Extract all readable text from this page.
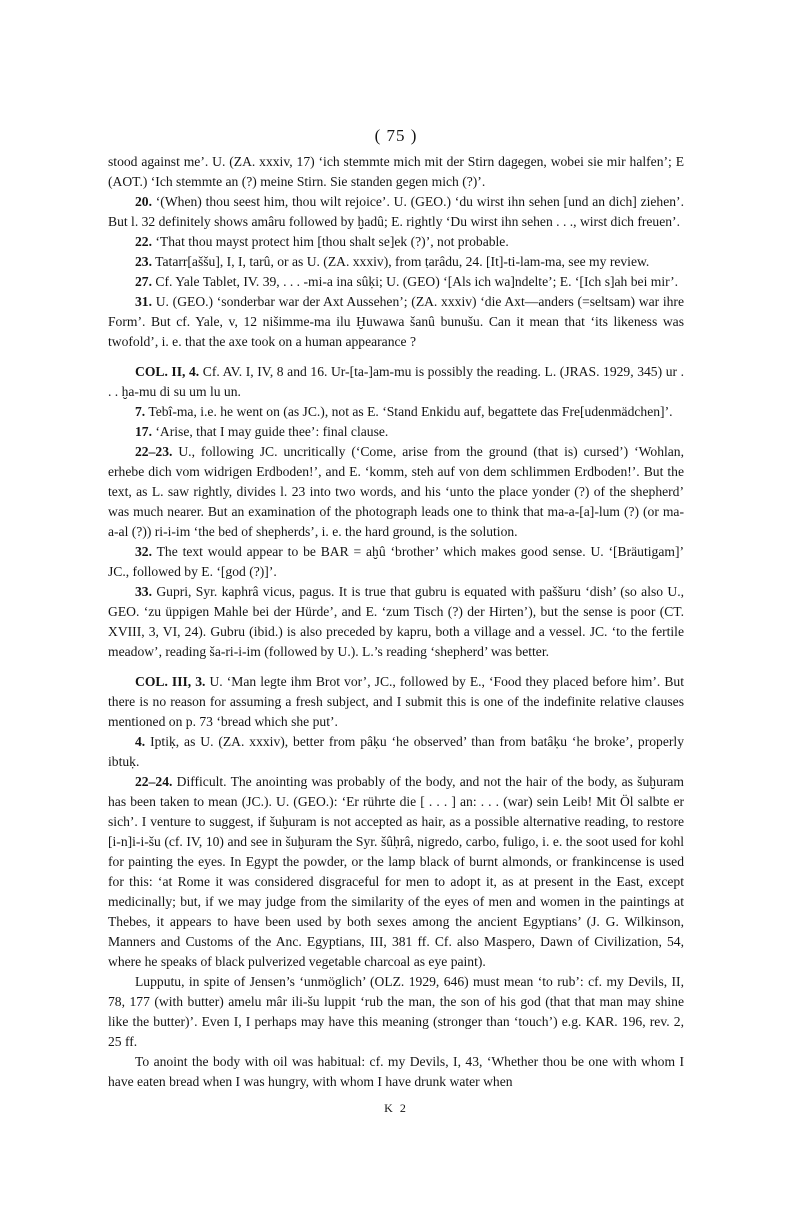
( 75 )

stood against me’. U. (ZA. xxxiv, 17) ‘ich stemmte mich mit der Stirn dagegen, wobei sie mir halfen’; E (AOT.) ‘Ich stemmte an (?) meine Stirn. Sie standen gegen mich (?)’.

20. ‘(When) thou seest him, thou wilt rejoice’. U. (GEO.) ‘du wirst ihn sehen [und an dich] ziehen’. But l. 32 definitely shows amâru followed by ḫadû; E. rightly ‘Du wirst ihn sehen . . ., wirst dich freuen’.

22. ‘That thou mayst protect him [thou shalt se]ek (?)’, not probable.

23. Tatarr[aššu], I, I, tarû, or as U. (ZA. xxxiv), from ṭarâdu, 24. [It]-ti-lam-ma, see my review.

27. Cf. Yale Tablet, IV. 39, . . . -mi-a ina sûḳi; U. (GEO) ‘[Als ich wa]ndelte’; E. ‘[Ich s]ah bei mir’.

31. U. (GEO.) ‘sonderbar war der Axt Aussehen’; (ZA. xxxiv) ‘die Axt—anders (=seltsam) war ihre Form’. But cf. Yale, v, 12 nišimme-ma ilu Ḫuwawa šanû bunušu. Can it mean that ‘its likeness was twofold’, i. e. that the axe took on a human appearance ?

COL. II, 4. Cf. AV. I, IV, 8 and 16. Ur-[ta-]am-mu is possibly the reading. L. (JRAS. 1929, 345) ur . . . ḫa-mu di su um lu un.

7. Tebî-ma, i.e. he went on (as JC.), not as E. ‘Stand Enkidu auf, begattete das Fre[udenmädchen]’.

17. ‘Arise, that I may guide thee’: final clause.

22–23. U., following JC. uncritically (‘Come, arise from the ground (that is) cursed’) ‘Wohlan, erhebe dich vom widrigen Erdboden!’, and E. ‘komm, steh auf von dem schlimmen Erdboden!’. But the text, as L. saw rightly, divides l. 23 into two words, and his ‘unto the place yonder (?) of the shepherd’ was much nearer. But an examination of the photograph leads one to think that ma-a-[a]-lum (?) (or ma-a-al (?)) ri-i-im ‘the bed of shepherds’, i. e. the hard ground, is the solution.

32. The text would appear to be BAR = aḫû ‘brother’ which makes good sense. U. ‘[Bräutigam]’ JC., followed by E. ‘[god (?)]’.

33. Gupri, Syr. kaphrâ vicus, pagus. It is true that gubru is equated with paššuru ‘dish’ (so also U., GEO. ‘zu üppigen Mahle bei der Hürde’, and E. ‘zum Tisch (?) der Hirten’), but the sense is poor (CT. XVIII, 3, VI, 24). Gubru (ibid.) is also preceded by kapru, both a village and a vessel. JC. ‘to the fertile meadow’, reading ša-ri-i-im (followed by U.). L.’s reading ‘shepherd’ was better.

COL. III, 3. U. ‘Man legte ihm Brot vor’, JC., followed by E., ‘Food they placed before him’. But there is no reason for assuming a fresh subject, and I submit this is one of the indefinite relative clauses mentioned on p. 73 ‘bread which she put’.

4. Iptiḳ, as U. (ZA. xxxiv), better from pâḳu ‘he observed’ than from batâḳu ‘he broke’, properly ibtuḳ.

22–24. Difficult. The anointing was probably of the body, and not the hair of the body, as šuḫuram has been taken to mean (JC.). U. (GEO.): ‘Er rührte die [ . . . ] an: . . . (war) sein Leib! Mit Öl salbte er sich’. I venture to suggest, if šuḫuram is not accepted as hair, as a possible alternative reading, to restore [i-n]i-i-šu (cf. IV, 10) and see in šuḫuram the Syr. šûḥrâ, nigredo, carbo, fuligo, i. e. the soot used for kohl for painting the eyes. In Egypt the powder, or the lamp black of burnt almonds, or frankincense is used for this: ‘at Rome it was considered disgraceful for men to adopt it, as at present in the East, except medicinally; but, if we may judge from the similarity of the eyes of men and women in the paintings at Thebes, it appears to have been used by both sexes among the ancient Egyptians’ (J. G. Wilkinson, Manners and Customs of the Anc. Egyptians, III, 381 ff. Cf. also Maspero, Dawn of Civilization, 54, where he speaks of black pulverized vegetable charcoal as eye paint).

Lupputu, in spite of Jensen’s ‘unmöglich’ (OLZ. 1929, 646) must mean ‘to rub’: cf. my Devils, II, 78, 177 (with butter) amelu mâr ili-šu luppit ‘rub the man, the son of his god (that that man may shine like the butter)’. Even I, I perhaps may have this meaning (stronger than ‘touch’) e.g. KAR. 196, rev. 2, 25 ff.

To anoint the body with oil was habitual: cf. my Devils, I, 43, ‘Whether thou be one with whom I have eaten bread when I was hungry, with whom I have drunk water when

K 2
